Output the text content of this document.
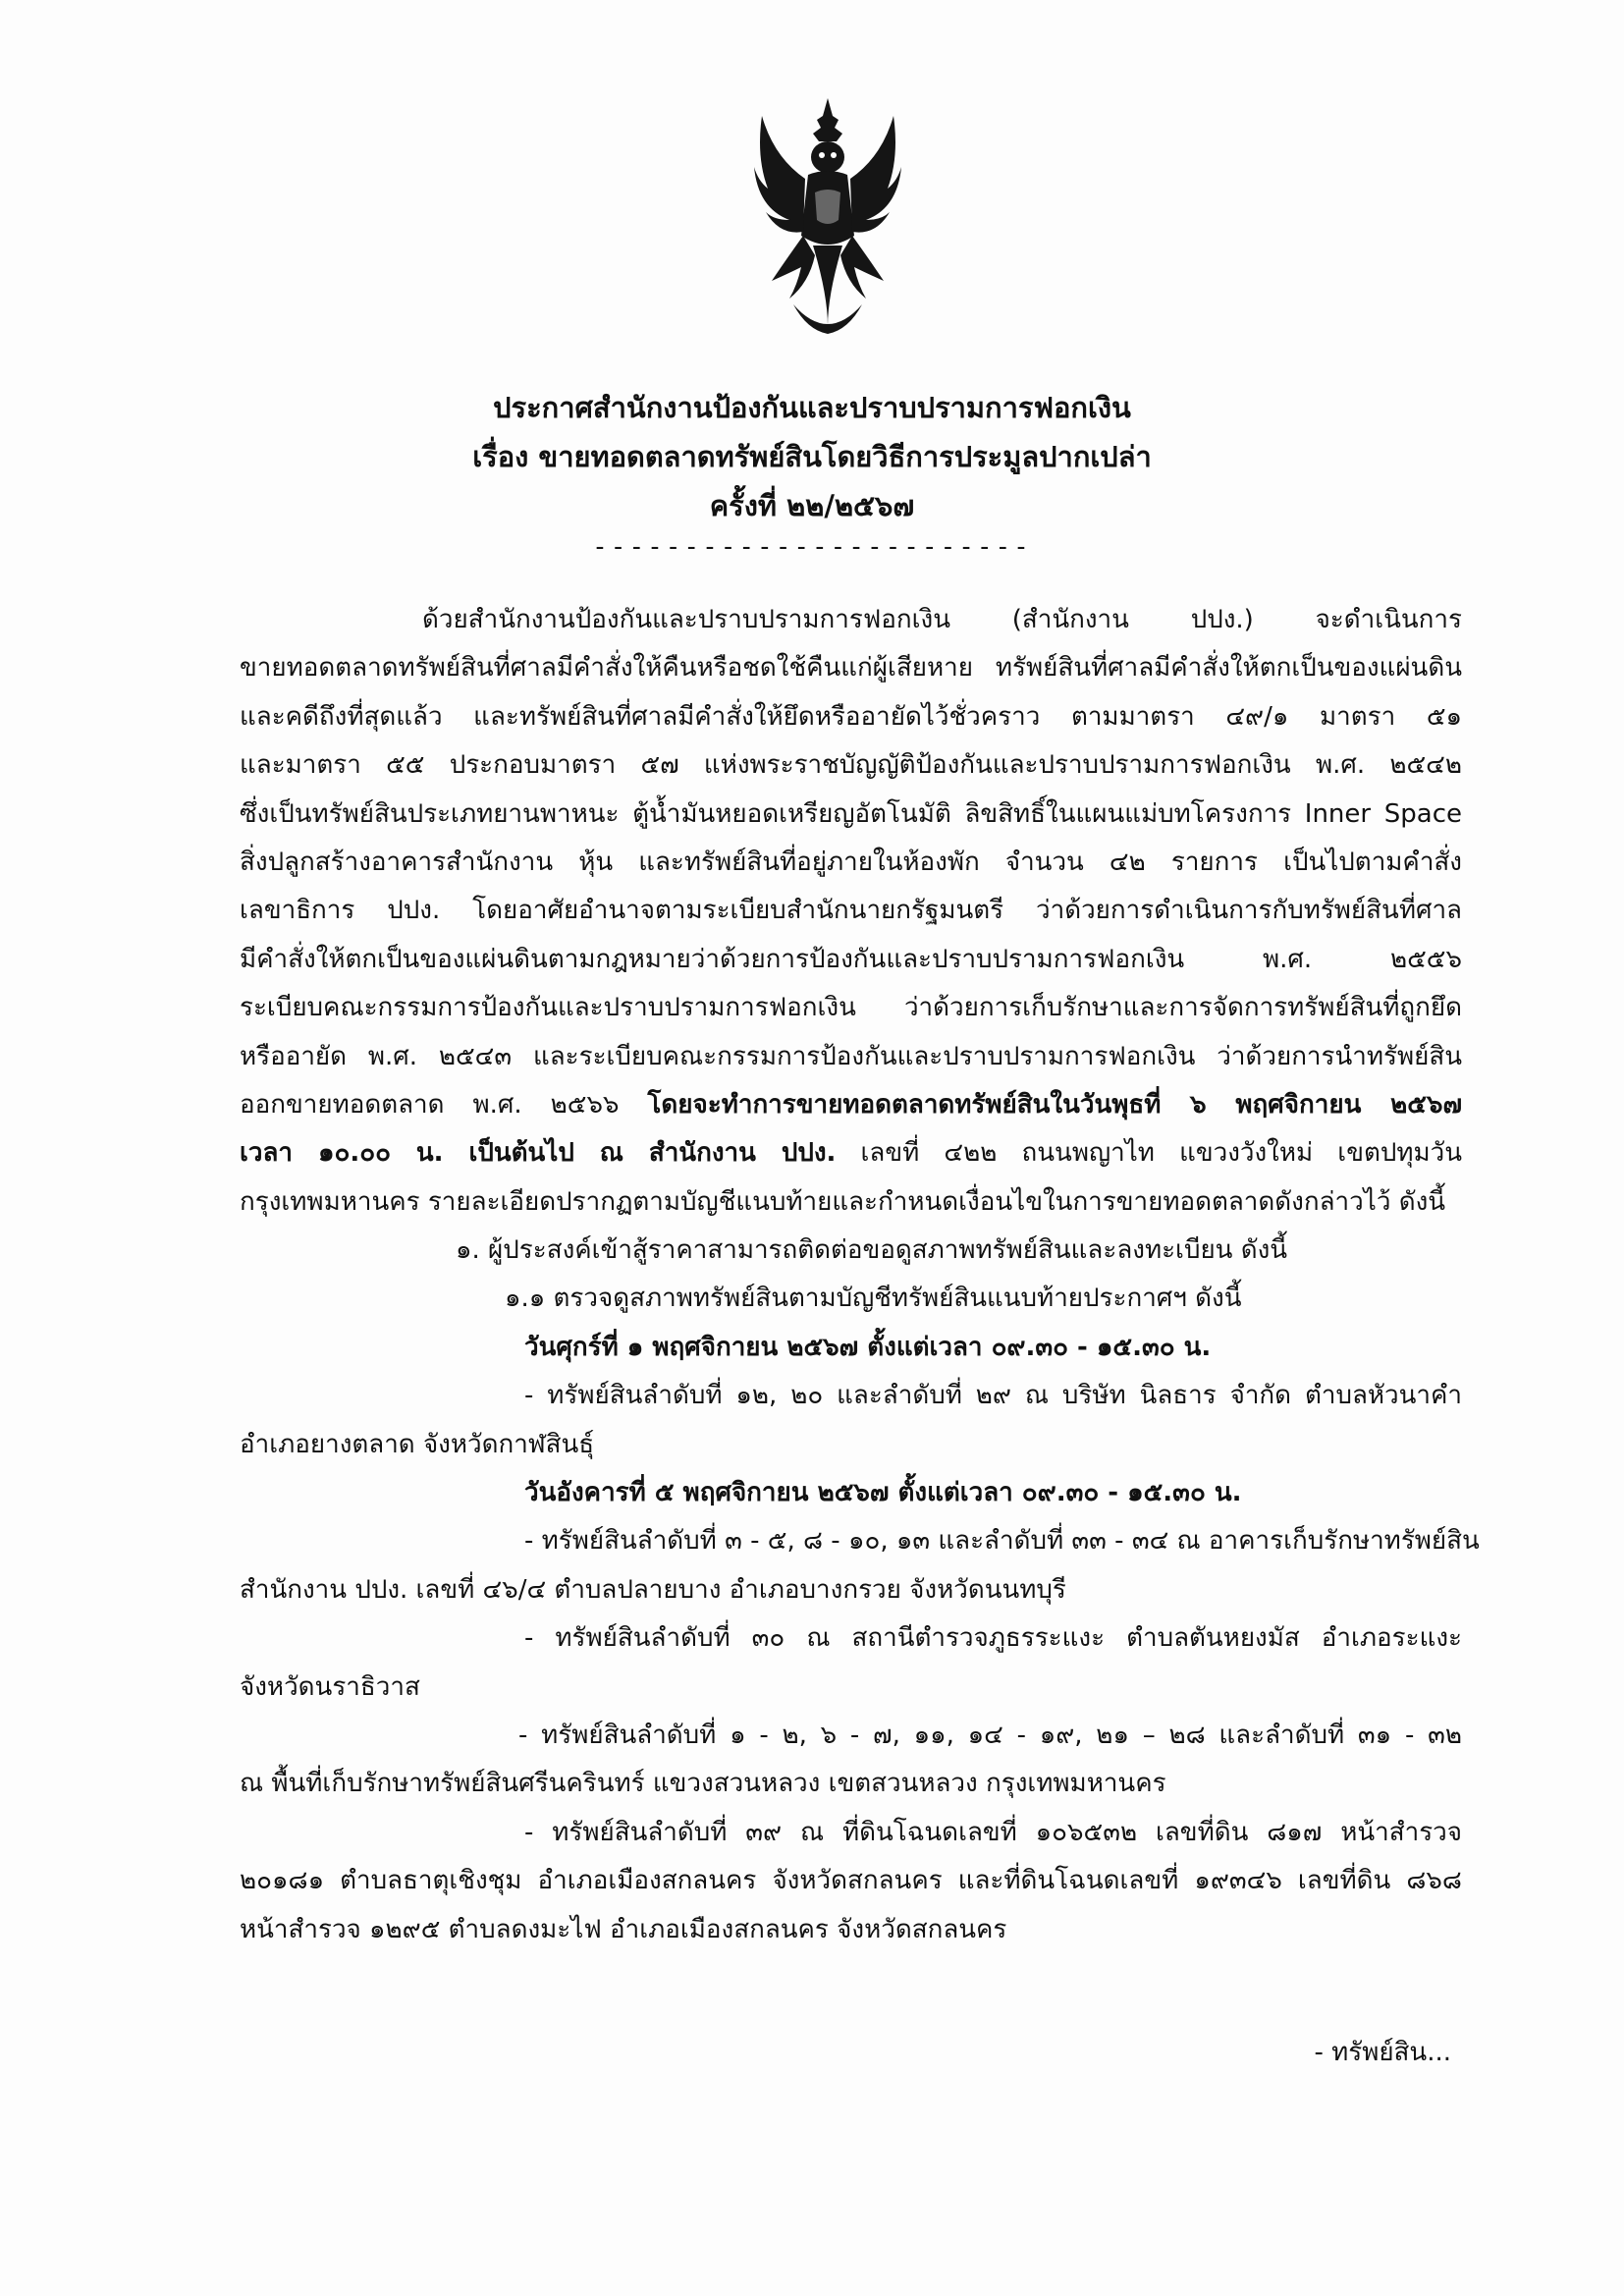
ประกาศสำนักงานป้องกันและปราบปรามการฟอกเงิน
เรื่อง ขายทอดตลาดทรัพย์สินโดยวิธีการประมูลปากเปล่า
ครั้งที่ ๒๒/๒๕๖๗
------------------------
ด้วยสำนักงานป้องกันและปราบปรามการฟอกเงิน (สำนักงาน ปปง.) จะดำเนินการ
ขายทอดตลาดทรัพย์สินที่ศาลมีคำสั่งให้คืนหรือชดใช้คืนแก่ผู้เสียหาย ทรัพย์สินที่ศาลมีคำสั่งให้ตกเป็นของแผ่นดิน
และคดีถึงที่สุดแล้ว และทรัพย์สินที่ศาลมีคำสั่งให้ยึดหรืออายัดไว้ชั่วคราว ตามมาตรา ๔๙/๑ มาตรา ๕๑
และมาตรา ๕๕ ประกอบมาตรา ๕๗ แห่งพระราชบัญญัติป้องกันและปราบปรามการฟอกเงิน พ.ศ. ๒๕๔๒
ซึ่งเป็นทรัพย์สินประเภทยานพาหนะ ตู้น้ำมันหยอดเหรียญอัตโนมัติ ลิขสิทธิ์ในแผนแม่บทโครงการ Inner Space
สิ่งปลูกสร้างอาคารสำนักงาน หุ้น และทรัพย์สินที่อยู่ภายในห้องพัก จำนวน ๔๒ รายการ เป็นไปตามคำสั่ง
เลขาธิการ ปปง. โดยอาศัยอำนาจตามระเบียบสำนักนายกรัฐมนตรี ว่าด้วยการดำเนินการกับทรัพย์สินที่ศาล
มีคำสั่งให้ตกเป็นของแผ่นดินตามกฎหมายว่าด้วยการป้องกันและปราบปรามการฟอกเงิน พ.ศ. ๒๕๕๖
ระเบียบคณะกรรมการป้องกันและปราบปรามการฟอกเงิน ว่าด้วยการเก็บรักษาและการจัดการทรัพย์สินที่ถูกยึด
หรืออายัด พ.ศ. ๒๕๔๓ และระเบียบคณะกรรมการป้องกันและปราบปรามการฟอกเงิน ว่าด้วยการนำทรัพย์สิน
ออกขายทอดตลาด พ.ศ. ๒๕๖๖ โดยจะทำการขายทอดตลาดทรัพย์สินในวันพุธที่ ๖ พฤศจิกายน ๒๕๖๗
เวลา ๑๐.๐๐ น. เป็นต้นไป ณ สำนักงาน ปปง. เลขที่ ๔๒๒ ถนนพญาไท แขวงวังใหม่ เขตปทุมวัน
กรุงเทพมหานคร รายละเอียดปรากฏตามบัญชีแนบท้ายและกำหนดเงื่อนไขในการขายทอดตลาดดังกล่าวไว้ ดังนี้
๑. ผู้ประสงค์เข้าสู้ราคาสามารถติดต่อขอดูสภาพทรัพย์สินและลงทะเบียน ดังนี้
๑.๑ ตรวจดูสภาพทรัพย์สินตามบัญชีทรัพย์สินแนบท้ายประกาศฯ ดังนี้
วันศุกร์ที่ ๑ พฤศจิกายน ๒๕๖๗ ตั้งแต่เวลา ๐๙.๓๐ - ๑๕.๓๐ น.
- ทรัพย์สินลำดับที่ ๑๒, ๒๐ และลำดับที่ ๒๙ ณ บริษัท นิลธาร จำกัด ตำบลหัวนาคำ
อำเภอยางตลาด จังหวัดกาฬสินธุ์
วันอังคารที่ ๕ พฤศจิกายน ๒๕๖๗ ตั้งแต่เวลา ๐๙.๓๐ - ๑๕.๓๐ น.
- ทรัพย์สินลำดับที่ ๓ - ๕, ๘ - ๑๐, ๑๓ และลำดับที่ ๓๓ - ๓๔ ณ อาคารเก็บรักษาทรัพย์สิน
สำนักงาน ปปง. เลขที่ ๔๖/๔ ตำบลปลายบาง อำเภอบางกรวย จังหวัดนนทบุรี
- ทรัพย์สินลำดับที่ ๓๐ ณ สถานีตำรวจภูธรระแงะ ตำบลตันหยงมัส อำเภอระแงะ
จังหวัดนราธิวาส
- ทรัพย์สินลำดับที่ ๑ - ๒, ๖ - ๗, ๑๑, ๑๔ - ๑๙, ๒๑ – ๒๘ และลำดับที่ ๓๑ - ๓๒
ณ พื้นที่เก็บรักษาทรัพย์สินศรีนครินทร์ แขวงสวนหลวง เขตสวนหลวง กรุงเทพมหานคร
- ทรัพย์สินลำดับที่ ๓๙ ณ ที่ดินโฉนดเลขที่ ๑๐๖๕๓๒ เลขที่ดิน ๘๑๗ หน้าสำรวจ
๒๐๑๘๑ ตำบลธาตุเชิงชุม อำเภอเมืองสกลนคร จังหวัดสกลนคร และที่ดินโฉนดเลขที่ ๑๙๓๔๖ เลขที่ดิน ๘๖๘
หน้าสำรวจ ๑๒๙๕ ตำบลดงมะไฟ อำเภอเมืองสกลนคร จังหวัดสกลนคร
- ทรัพย์สิน...
